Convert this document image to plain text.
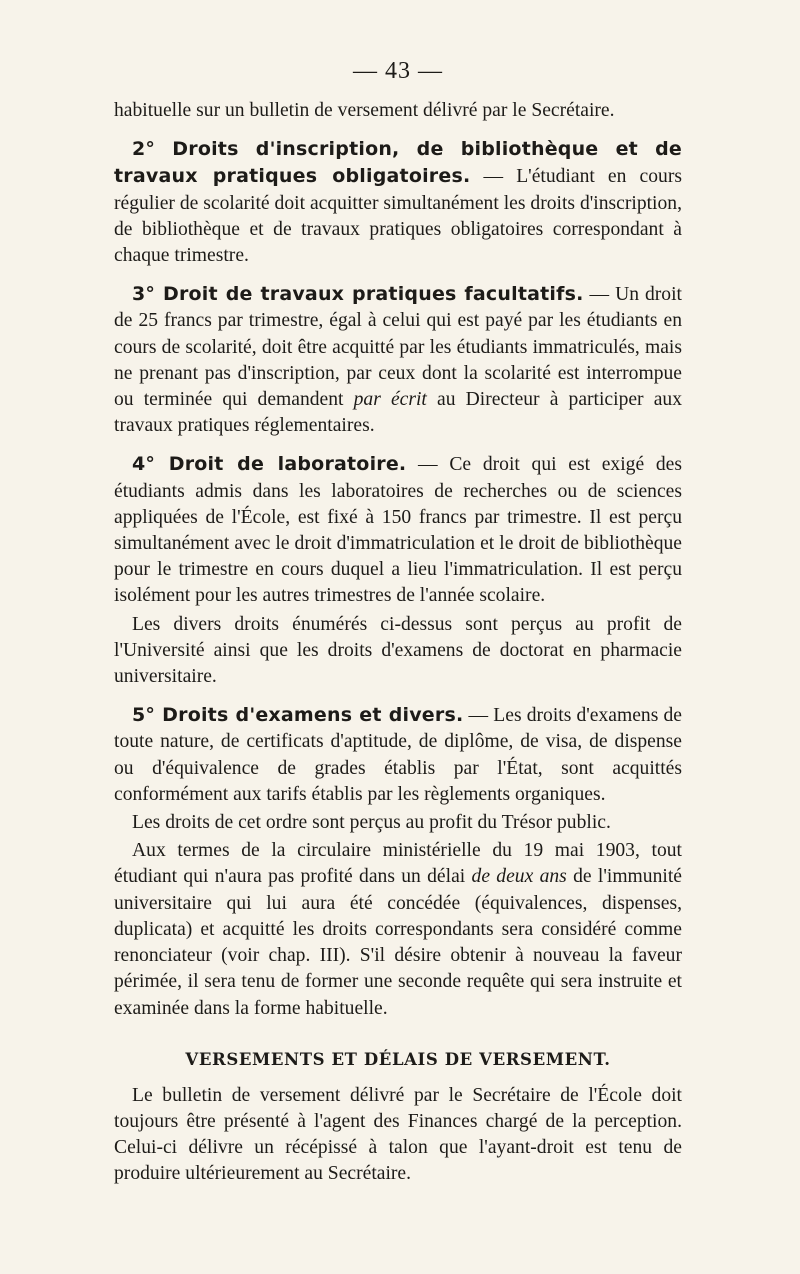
— 43 —

habituelle sur un bulletin de versement délivré par le Secrétaire.

2° Droits d'inscription, de bibliothèque et de travaux pratiques obligatoires. — L'étudiant en cours régulier de scolarité doit acquitter simultanément les droits d'inscription, de bibliothèque et de travaux pratiques obligatoires correspondant à chaque trimestre.

3° Droit de travaux pratiques facultatifs. — Un droit de 25 francs par trimestre, égal à celui qui est payé par les étudiants en cours de scolarité, doit être acquitté par les étudiants immatriculés, mais ne prenant pas d'inscription, par ceux dont la scolarité est interrompue ou terminée qui demandent par écrit au Directeur à participer aux travaux pratiques réglementaires.

4° Droit de laboratoire. — Ce droit qui est exigé des étudiants admis dans les laboratoires de recherches ou de sciences appliquées de l'École, est fixé à 150 francs par trimestre. Il est perçu simultanément avec le droit d'immatriculation et le droit de bibliothèque pour le trimestre en cours duquel a lieu l'immatriculation. Il est perçu isolément pour les autres trimestres de l'année scolaire.

Les divers droits énumérés ci-dessus sont perçus au profit de l'Université ainsi que les droits d'examens de doctorat en pharmacie universitaire.

5° Droits d'examens et divers. — Les droits d'examens de toute nature, de certificats d'aptitude, de diplôme, de visa, de dispense ou d'équivalence de grades établis par l'État, sont acquittés conformément aux tarifs établis par les règlements organiques.

Les droits de cet ordre sont perçus au profit du Trésor public.

Aux termes de la circulaire ministérielle du 19 mai 1903, tout étudiant qui n'aura pas profité dans un délai de deux ans de l'immunité universitaire qui lui aura été concédée (équivalences, dispenses, duplicata) et acquitté les droits correspondants sera considéré comme renonciateur (voir chap. III). S'il désire obtenir à nouveau la faveur périmée, il sera tenu de former une seconde requête qui sera instruite et examinée dans la forme habituelle.

VERSEMENTS ET DÉLAIS DE VERSEMENT.

Le bulletin de versement délivré par le Secrétaire de l'École doit toujours être présenté à l'agent des Finances chargé de la perception. Celui-ci délivre un récépissé à talon que l'ayant-droit est tenu de produire ultérieurement au Secrétaire.
